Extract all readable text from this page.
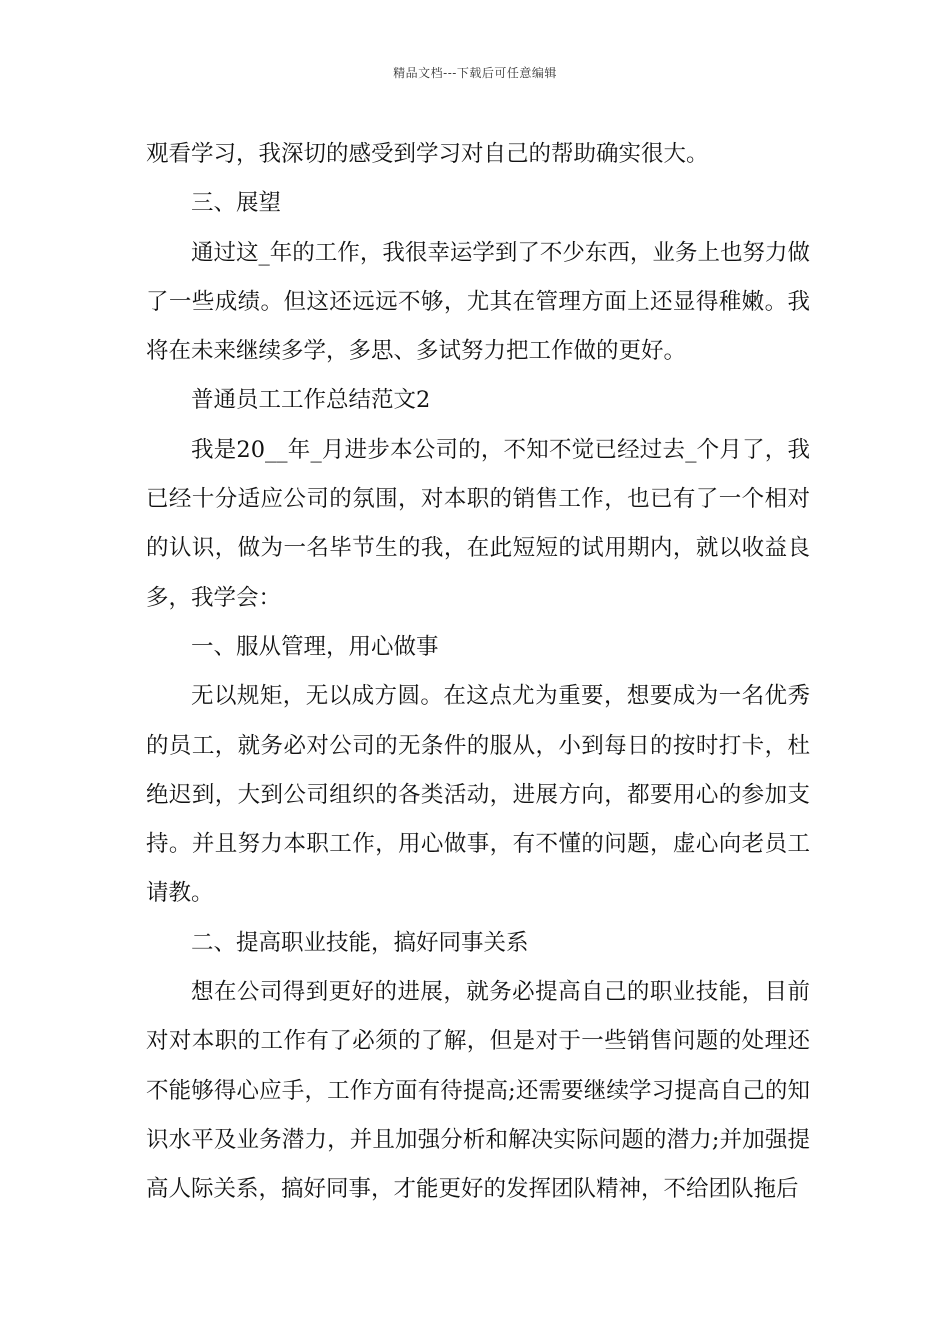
精品文档---下载后可任意编辑

观看学习，我深切的感受到学习对自己的帮助确实很大。

三、展望

通过这_年的工作，我很幸运学到了不少东西，业务上也努力做了一些成绩。但这还远远不够，尤其在管理方面上还显得稚嫩。我将在未来继续多学，多思、多试努力把工作做的更好。

普通员工工作总结范文2

我是20__年_月进步本公司的，不知不觉已经过去_个月了，我已经十分适应公司的氛围，对本职的销售工作，也已有了一个相对的认识，做为一名毕节生的我，在此短短的试用期内，就以收益良多，我学会：

一、服从管理，用心做事

无以规矩，无以成方圆。在这点尤为重要，想要成为一名优秀的员工，就务必对公司的无条件的服从，小到每日的按时打卡，杜绝迟到，大到公司组织的各类活动，进展方向，都要用心的参加支持。并且努力本职工作，用心做事，有不懂的问题，虚心向老员工请教。

二、提高职业技能，搞好同事关系

想在公司得到更好的进展，就务必提高自己的职业技能，目前对对本职的工作有了必须的了解，但是对于一些销售问题的处理还不能够得心应手，工作方面有待提高;还需要继续学习提高自己的知识水平及业务潜力，并且加强分析和解决实际问题的潜力;并加强提高人际关系，搞好同事，才能更好的发挥团队精神，不给团队拖后
